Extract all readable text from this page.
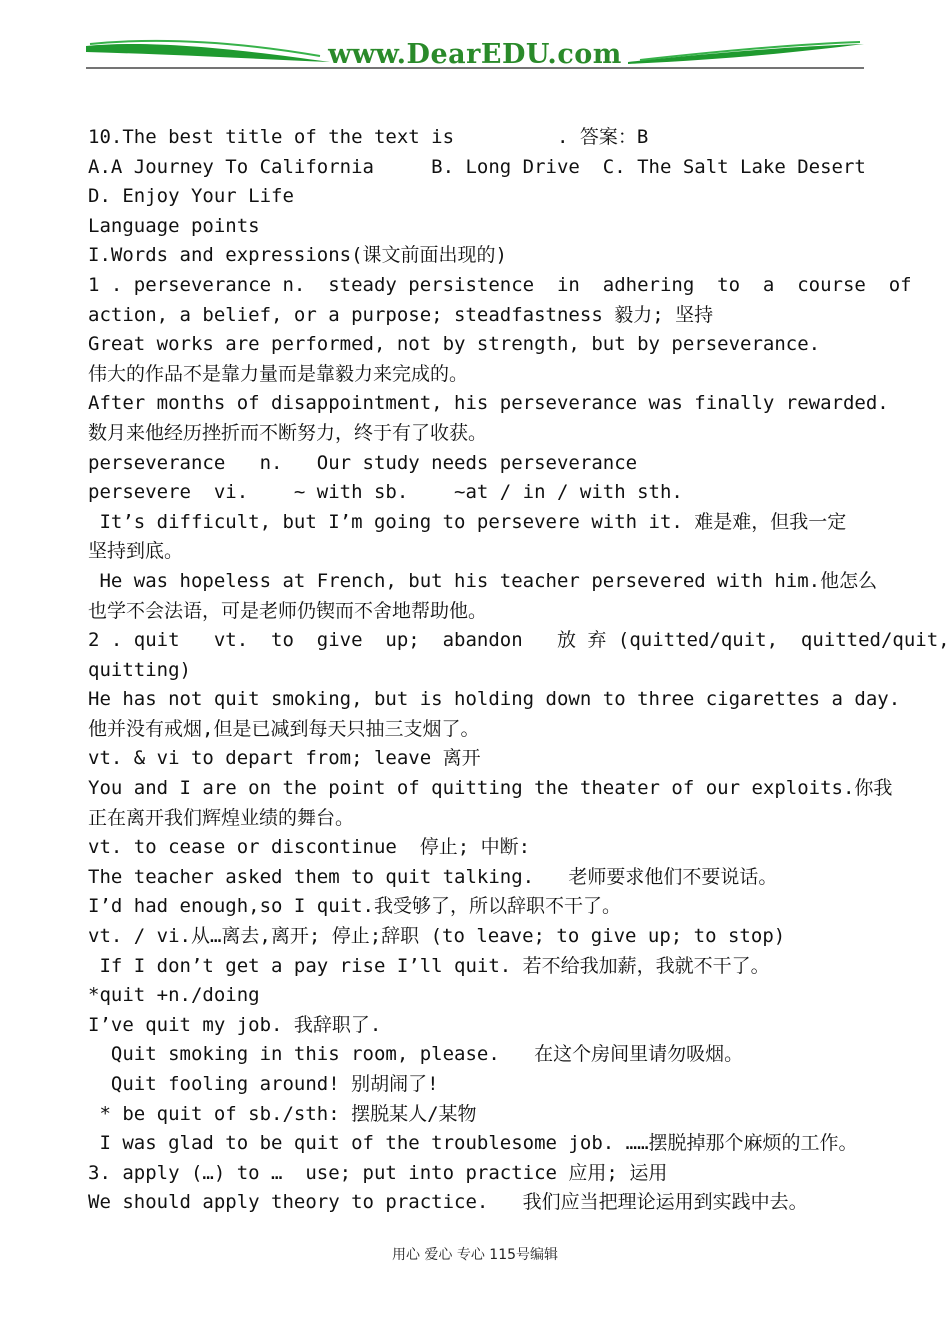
www.DearEDU.com
10.The best title of the text is         . 答案：B
A.A Journey To California     B. Long Drive  C. The Salt Lake Desert
D. Enjoy Your Life
Language points
I.Words and expressions(课文前面出现的)
1 . perseverance n.  steady persistence  in  adhering  to  a  course  of
action, a belief, or a purpose; steadfastness 毅力; 坚持
Great works are performed, not by strength, but by perseverance.
伟大的作品不是靠力量而是靠毅力来完成的。
After months of disappointment, his perseverance was finally rewarded.
数月来他经历挫折而不断努力，终于有了收获。
perseverance   n.   Our study needs perseverance
persevere  vi.    ~ with sb.    ~at / in / with sth.
It’s difficult, but I’m going to persevere with it. 难是难，但我一定
坚持到底。
He was hopeless at French, but his teacher persevered with him.他怎么
也学不会法语，可是老师仍锲而不舍地帮助他。
2 . quit   vt.  to  give  up;  abandon   放 弃 (quitted/quit,  quitted/quit,
quitting)
He has not quit smoking, but is holding down to three cigarettes a day.
他并没有戒烟,但是已减到每天只抽三支烟了。
vt. & vi to depart from; leave 离开
You and I are on the point of quitting the theater of our exploits.你我
正在离开我们辉煌业绩的舞台。
vt. to cease or discontinue  停止; 中断:
The teacher asked them to quit talking.   老师要求他们不要说话。
I’d had enough,so I quit.我受够了，所以辞职不干了。
vt. / vi.从…离去,离开; 停止;辞职 (to leave; to give up; to stop)
If I don’t get a pay rise I’ll quit. 若不给我加薪，我就不干了。
*quit +n./doing
I’ve quit my job. 我辞职了.
Quit smoking in this room, please.   在这个房间里请勿吸烟。
Quit fooling around! 别胡闹了!
* be quit of sb./sth: 摆脱某人/某物
I was glad to be quit of the troublesome job. ……摆脱掉那个麻烦的工作。
3. apply (…) to …  use; put into practice 应用; 运用
We should apply theory to practice.   我们应当把理论运用到实践中去。
用心 爱心 专心 115号编辑
